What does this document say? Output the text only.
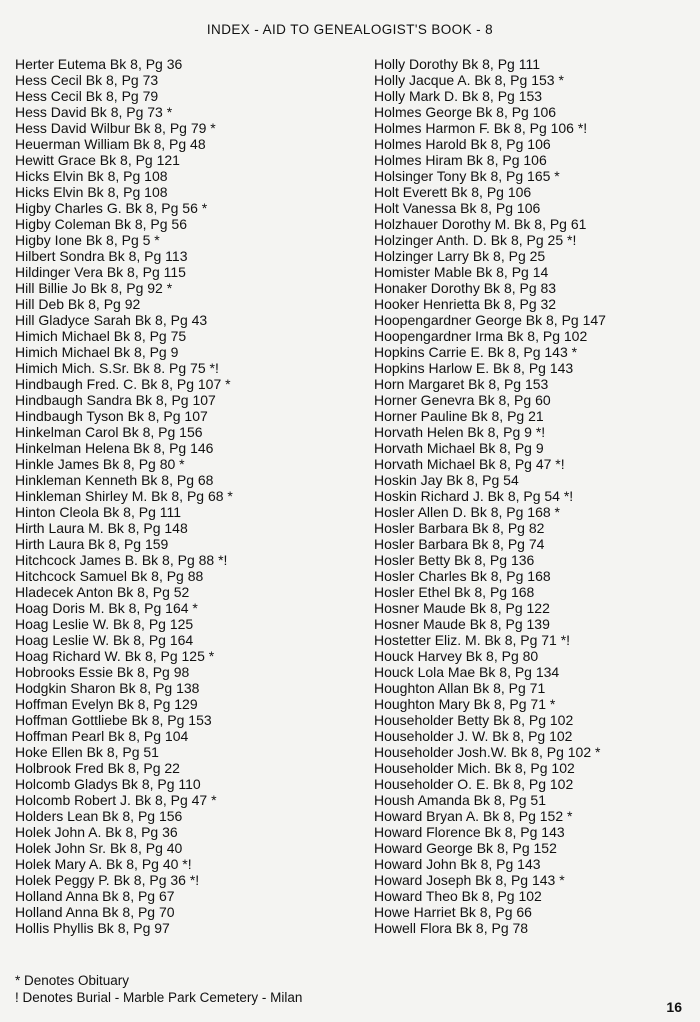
INDEX - AID TO GENEALOGIST'S BOOK - 8
Herter Eutema Bk 8, Pg 36
Hess Cecil Bk 8, Pg 73
Hess Cecil Bk 8, Pg 79
Hess David Bk 8, Pg 73 *
Hess David Wilbur Bk 8, Pg 79 *
Heuerman William Bk 8, Pg 48
Hewitt Grace Bk 8, Pg 121
Hicks Elvin Bk 8, Pg 108
Hicks Elvin Bk 8, Pg 108
Higby Charles G. Bk 8, Pg 56 *
Higby Coleman Bk 8, Pg 56
Higby Ione Bk 8, Pg 5 *
Hilbert Sondra Bk 8, Pg 113
Hildinger Vera Bk 8, Pg 115
Hill Billie Jo Bk 8, Pg 92 *
Hill Deb Bk 8, Pg 92
Hill Gladyce Sarah Bk 8, Pg 43
Himich Michael Bk 8, Pg 75
Himich Michael Bk 8, Pg 9
Himich Mich. S.Sr. Bk 8. Pg 75 *!
Hindbaugh Fred. C. Bk 8, Pg 107 *
Hindbaugh Sandra Bk 8, Pg 107
Hindbaugh Tyson Bk 8, Pg 107
Hinkelman Carol Bk 8, Pg 156
Hinkelman Helena Bk 8, Pg 146
Hinkle James Bk 8, Pg 80 *
Hinkleman Kenneth Bk 8, Pg 68
Hinkleman Shirley M. Bk 8, Pg 68 *
Hinton Cleola Bk 8, Pg 111
Hirth Laura M. Bk 8, Pg 148
Hirth Laura Bk 8, Pg 159
Hitchcock James B. Bk 8, Pg 88 *!
Hitchcock Samuel Bk 8, Pg 88
Hladecek Anton Bk 8, Pg 52
Hoag Doris M. Bk 8, Pg 164 *
Hoag Leslie W. Bk 8, Pg 125
Hoag Leslie W. Bk 8, Pg 164
Hoag Richard W. Bk 8, Pg 125 *
Hobrooks Essie Bk 8, Pg 98
Hodgkin Sharon Bk 8, Pg 138
Hoffman Evelyn Bk 8, Pg 129
Hoffman Gottliebe Bk 8, Pg 153
Hoffman Pearl Bk 8, Pg 104
Hoke Ellen Bk 8, Pg 51
Holbrook Fred Bk 8, Pg 22
Holcomb Gladys Bk 8, Pg 110
Holcomb Robert J. Bk 8, Pg 47 *
Holders Lean Bk 8, Pg 156
Holek John A. Bk 8, Pg 36
Holek John Sr. Bk 8, Pg 40
Holek Mary A. Bk 8, Pg 40 *!
Holek Peggy P. Bk 8, Pg 36 *!
Holland Anna Bk 8, Pg 67
Holland Anna Bk 8, Pg 70
Hollis Phyllis Bk 8, Pg 97
Holly Dorothy Bk 8, Pg 111
Holly Jacque A. Bk 8, Pg 153 *
Holly Mark D. Bk 8, Pg 153
Holmes George Bk 8, Pg 106
Holmes Harmon F. Bk 8, Pg 106 *!
Holmes Harold Bk 8, Pg 106
Holmes Hiram Bk 8, Pg 106
Holsinger Tony Bk 8, Pg 165 *
Holt Everett Bk 8, Pg 106
Holt Vanessa Bk 8, Pg 106
Holzhauer Dorothy M. Bk 8, Pg 61
Holzinger Anth. D. Bk 8, Pg 25 *!
Holzinger Larry Bk 8, Pg 25
Homister Mable Bk 8, Pg 14
Honaker Dorothy Bk 8, Pg 83
Hooker Henrietta Bk 8, Pg 32
Hoopengardner George Bk 8, Pg 147
Hoopengardner Irma Bk 8, Pg 102
Hopkins Carrie E. Bk 8, Pg 143 *
Hopkins Harlow E. Bk 8, Pg 143
Horn Margaret Bk 8, Pg 153
Horner Genevra Bk 8, Pg 60
Horner Pauline Bk 8, Pg 21
Horvath Helen Bk 8, Pg 9 *!
Horvath Michael Bk 8, Pg 9
Horvath Michael Bk 8, Pg 47 *!
Hoskin Jay Bk 8, Pg 54
Hoskin Richard J. Bk 8, Pg 54 *!
Hosler Allen D. Bk 8, Pg 168 *
Hosler Barbara Bk 8, Pg 82
Hosler Barbara Bk 8, Pg 74
Hosler Betty Bk 8, Pg 136
Hosler Charles Bk 8, Pg 168
Hosler Ethel Bk 8, Pg 168
Hosner Maude Bk 8, Pg 122
Hosner Maude Bk 8, Pg 139
Hostetter Eliz. M. Bk 8, Pg 71 *!
Houck Harvey Bk 8, Pg 80
Houck Lola Mae Bk 8, Pg 134
Houghton Allan Bk 8, Pg 71
Houghton Mary Bk 8, Pg 71 *
Householder Betty Bk 8, Pg 102
Householder J. W. Bk 8, Pg 102
Householder Josh.W. Bk 8, Pg 102 *
Householder Mich. Bk 8, Pg 102
Householder O. E. Bk 8, Pg 102
Housh Amanda Bk 8, Pg 51
Howard Bryan A. Bk 8, Pg 152 *
Howard Florence Bk 8, Pg 143
Howard George Bk 8, Pg 152
Howard John Bk 8, Pg 143
Howard Joseph Bk 8, Pg 143 *
Howard Theo Bk 8, Pg 102
Howe Harriet Bk 8, Pg 66
Howell Flora Bk 8, Pg 78
* Denotes Obituary
! Denotes Burial - Marble Park Cemetery - Milan
16
